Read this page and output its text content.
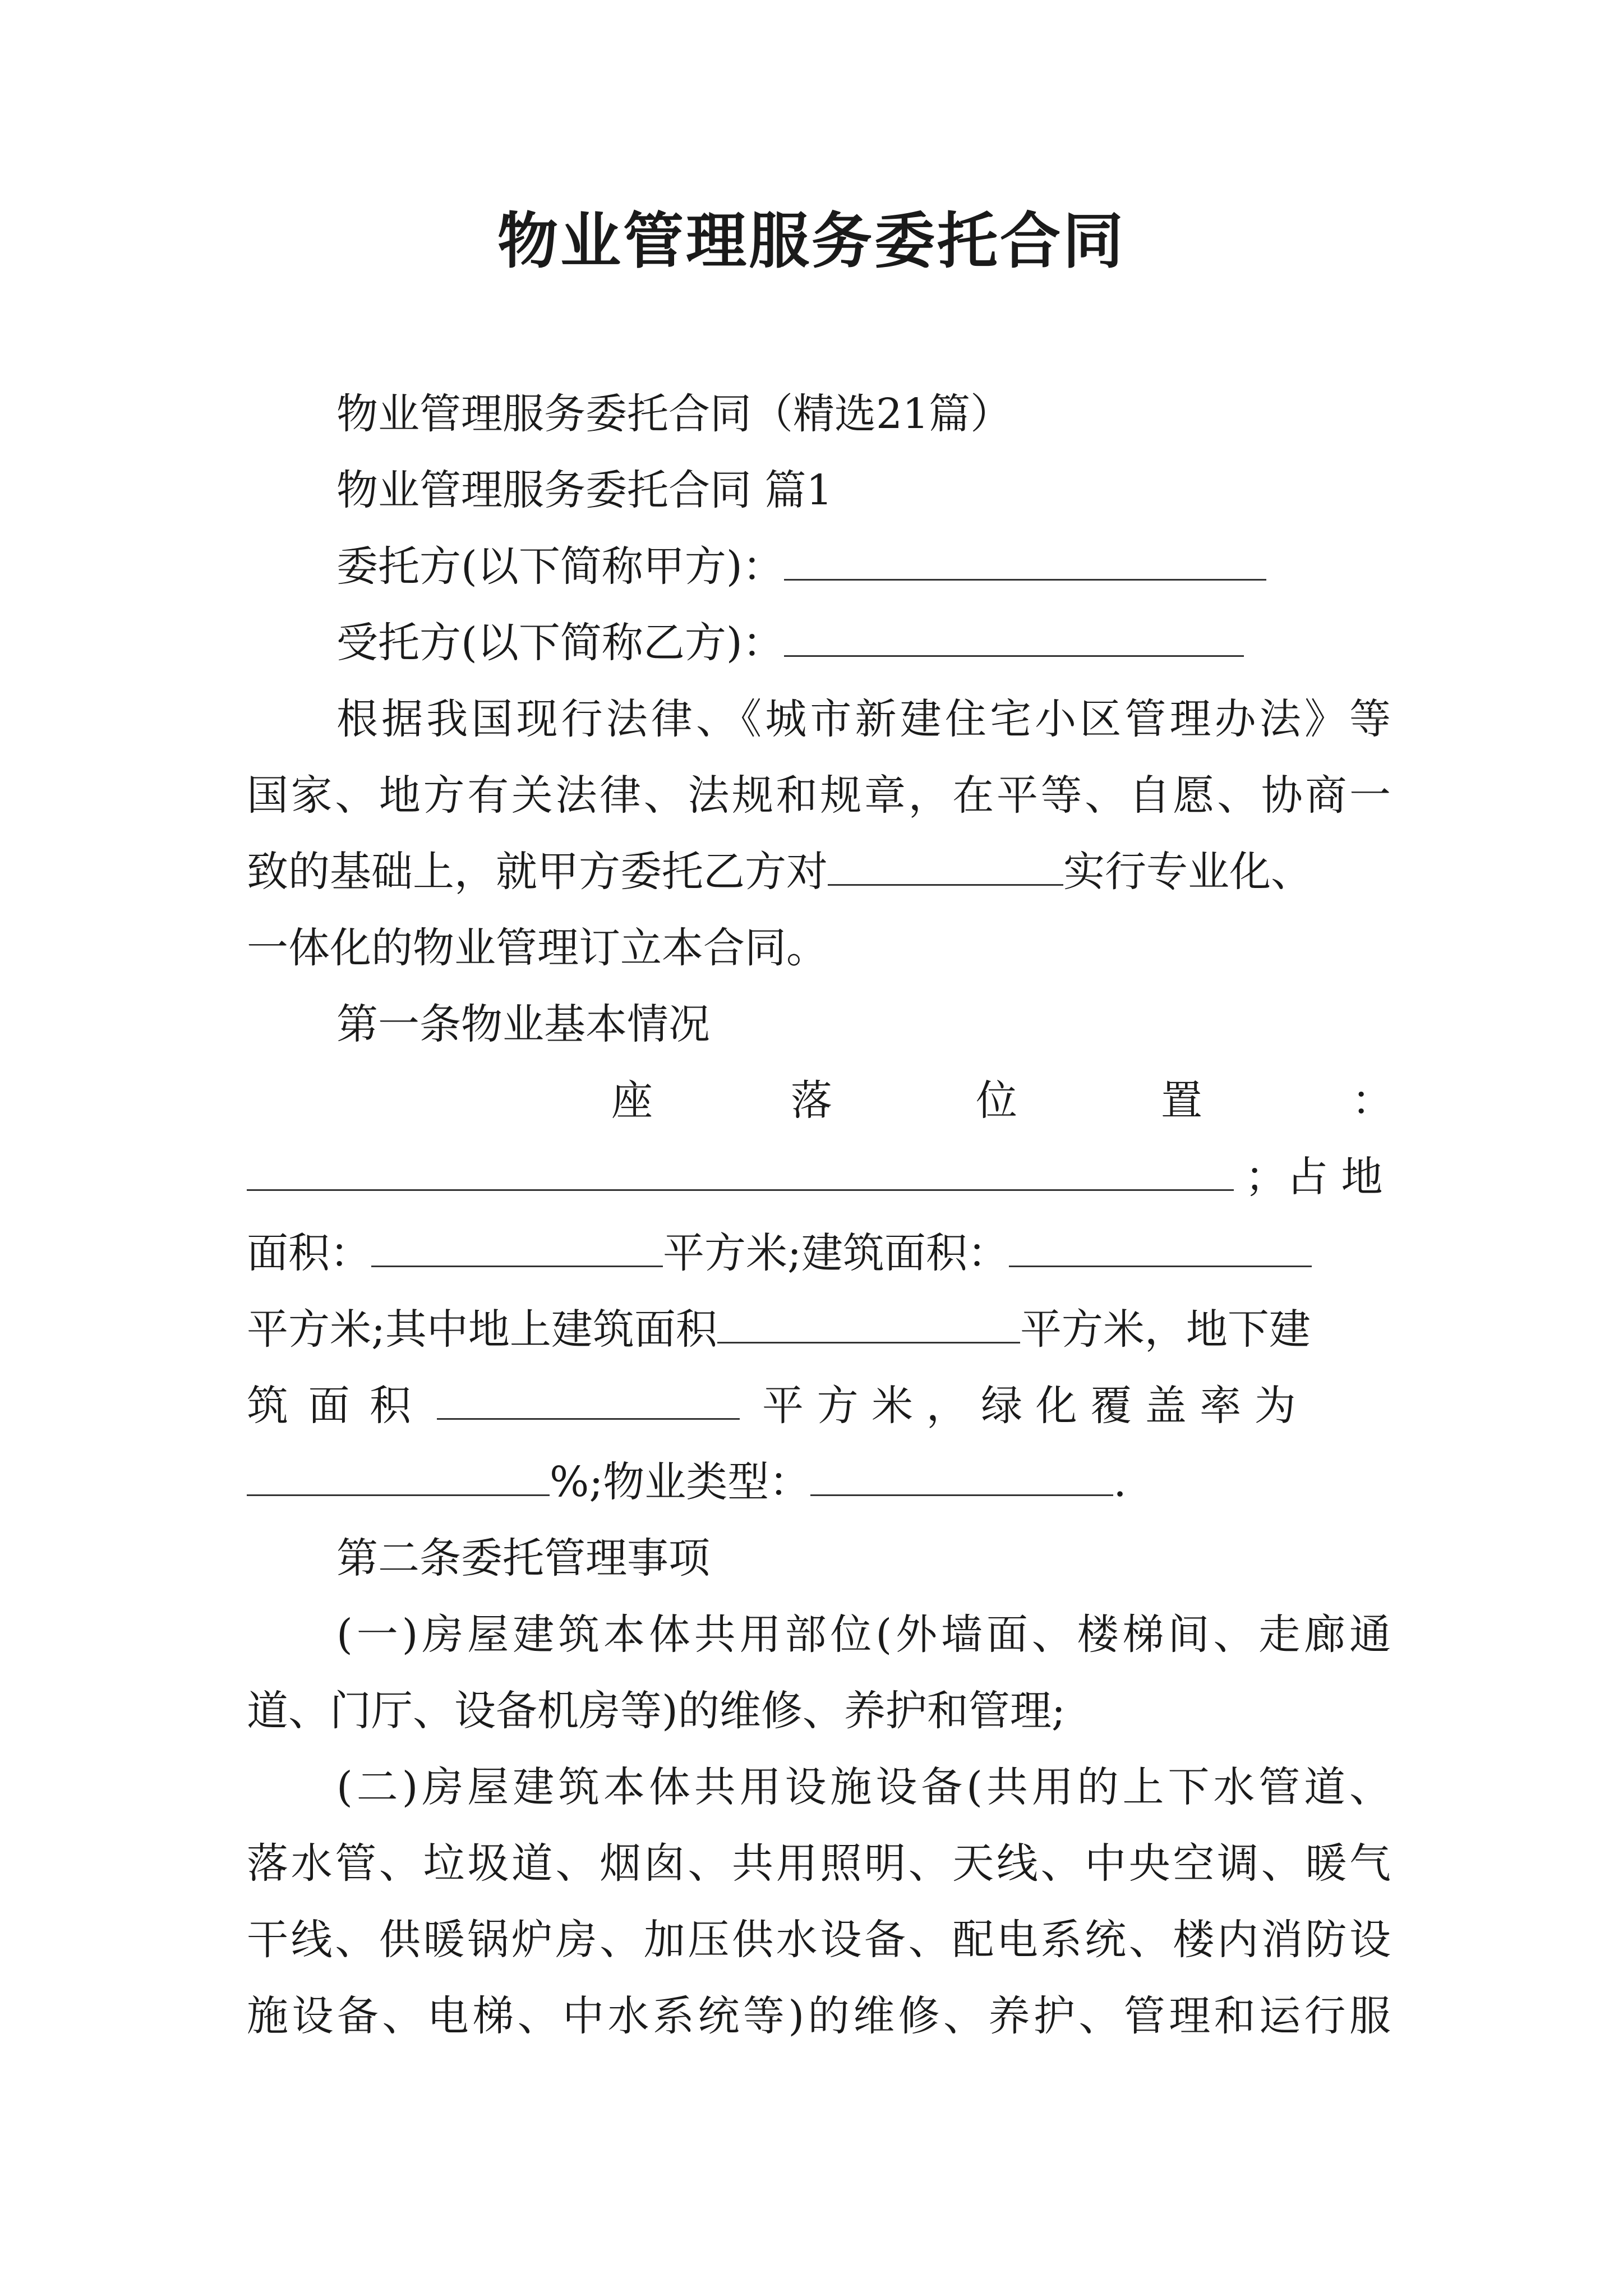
物业管理服务委托合同
物业管理服务委托合同（精选21篇）
物业管理服务委托合同 篇1
委托方(以下简称甲方)：
受托方(以下简称乙方)：
根据我国现行法律、《城市新建住宅小区管理办法》等
国家、地方有关法律、法规和规章，在平等、自愿、协商一
致的基础上，就甲方委托乙方对	实行专业化、
一体化的物业管理订立本合同。
第一条物业基本情况
座	落	位	置	：
；占 地
面积：	平方米;建筑面积：
平方米;其中地上建筑面积	平方米，地下建
筑 面 积	平 方 米 ， 绿 化 覆 盖 率 为
%;物业类型：	.
第二条委托管理事项
(一)房屋建筑本体共用部位(外墙面、楼梯间、走廊通
道、门厅、设备机房等)的维修、养护和管理;
(二)房屋建筑本体共用设施设备(共用的上下水管道、
落水管、垃圾道、烟囱、共用照明、天线、中央空调、暖气
干线、供暖锅炉房、加压供水设备、配电系统、楼内消防设
施设备、电梯、中水系统等)的维修、养护、管理和运行服
